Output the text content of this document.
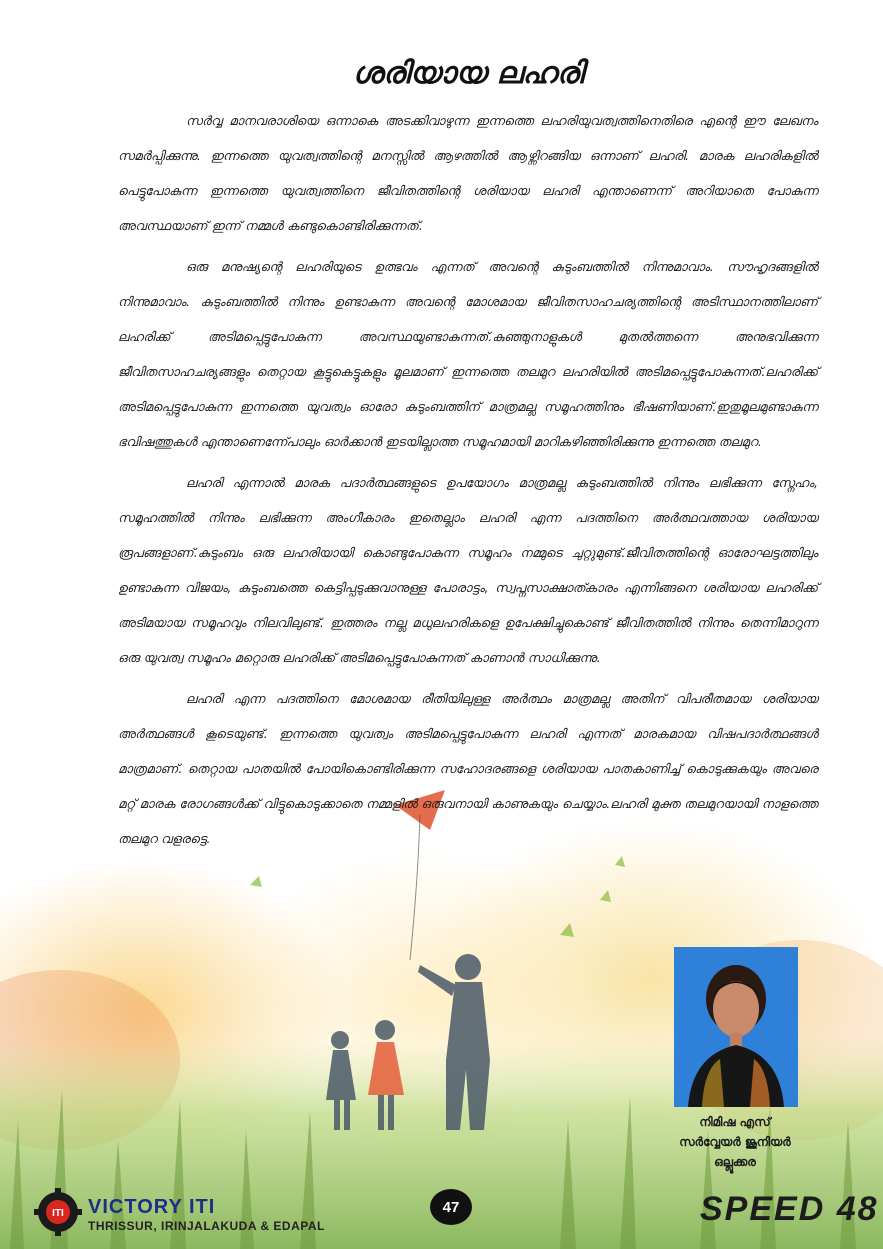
ശരിയായ ലഹരി

സർവ്വ മാനവരാശിയെ ഒന്നാകെ അടക്കിവാഴുന്ന ഇന്നത്തെ ലഹരിയുവത്വത്തിനെതിരെ എന്റെ ഈ ലേഖനം സമർപ്പിക്കുന്നു. ഇന്നത്തെ യുവത്വത്തിന്റെ മനസ്സിൽ ആഴത്തിൽ ആഴ്ന്നിറങ്ങിയ ഒന്നാണ് ലഹരി. മാരക ലഹരികളിൽ പെട്ടുപോകുന്ന ഇന്നത്തെ യുവത്വത്തിനെ ജീവിതത്തിന്റെ ശരിയായ ലഹരി എന്താണെന്ന് അറിയാതെ പോകുന്ന അവസ്ഥയാണ് ഇന്ന് നമ്മൾ കണ്ടുകൊണ്ടിരിക്കുന്നത്.

ഒരു മനുഷ്യന്റെ ലഹരിയുടെ ഉത്ഭവം എന്നത് അവന്റെ കുടുംബത്തിൽ നിന്നുമാവാം. സൗഹൃദങ്ങളിൽ നിന്നുമാവാം. കുടുംബത്തിൽ നിന്നും ഉണ്ടാകുന്ന അവന്റെ മോശമായ ജീവിതസാഹചര്യത്തിന്റെ അടിസ്ഥാനത്തിലാണ് ലഹരിക്ക് അടിമപ്പെട്ടുപോകുന്ന അവസ്ഥയുണ്ടാകുന്നത്.കുഞ്ഞുനാളുകൾ മുതൽത്തന്നെ അനുഭവിക്കുന്ന ജീവിതസാഹചര്യങ്ങളും തെറ്റായ കൂട്ടുകെട്ടുകളും മൂലമാണ് ഇന്നത്തെ തലമുറ ലഹരിയിൽ അടിമപ്പെട്ടുപോകുന്നത്.ലഹരിക്ക് അടിമപ്പെട്ടുപോകുന്ന ഇന്നത്തെ യുവത്വം ഓരോ കുടുംബത്തിന് മാത്രമല്ല സമൂഹത്തിനും ഭീഷണിയാണ്.ഇതുമൂലമുണ്ടാകുന്ന ഭവിഷത്തുകൾ എന്താണെന്ന്പോലും ഓർക്കാൻ ഇടയില്ലാത്ത സമൂഹമായി മാറികഴിഞ്ഞിരിക്കുന്നു ഇന്നത്തെ തലമുറ.

ലഹരി എന്നാൽ മാരക പദാർത്ഥങ്ങളുടെ ഉപയോഗം മാത്രമല്ല കുടുംബത്തിൽ നിന്നും ലഭിക്കുന്ന സ്നേഹം, സമൂഹത്തിൽ നിന്നും ലഭിക്കുന്ന അംഗീകാരം ഇതെല്ലാം ലഹരി എന്ന പദത്തിനെ അർത്ഥവത്തായ ശരിയായ രൂപങ്ങളാണ്.കുടുംബം ഒരു ലഹരിയായി കൊണ്ടുപോകുന്ന സമൂഹം നമ്മുടെ ചുറ്റുമുണ്ട്.ജീവിതത്തിന്റെ ഓരോഘട്ടത്തിലും ഉണ്ടാകുന്ന വിജയം, കുടുംബത്തെ കെട്ടിപ്പടുക്കുവാനുള്ള പോരാട്ടം, സ്വപ്നസാക്ഷാത്കാരം എന്നിങ്ങനെ ശരിയായ ലഹരിക്ക് അടിമയായ സമൂഹവും നിലവിലുണ്ട്. ഇത്തരം നല്ല മധുലഹരികളെ ഉപേക്ഷിച്ചുകൊണ്ട് ജീവിതത്തിൽ നിന്നും തെന്നിമാറുന്ന ഒരു യുവത്വ സമൂഹം മറ്റൊരു ലഹരിക്ക് അടിമപ്പെട്ടുപോകുന്നത് കാണാൻ സാധിക്കുന്നു.

ലഹരി എന്ന പദത്തിനെ മോശമായ രീതിയിലുള്ള അർത്ഥം മാത്രമല്ല അതിന് വിപരീതമായ ശരിയായ അർത്ഥങ്ങൾ കൂടെയുണ്ട്. ഇന്നത്തെ യുവത്വം അടിമപ്പെട്ടുപോകുന്ന ലഹരി എന്നത് മാരകമായ വിഷപദാർത്ഥങ്ങൾ മാത്രമാണ്. തെറ്റായ പാതയിൽ പോയികൊണ്ടിരിക്കുന്ന സഹോദരങ്ങളെ ശരിയായ പാതകാണിച്ച് കൊടുക്കുകയും അവരെ മറ്റ് മാരക രോഗങ്ങൾക്ക് വിട്ടുകൊടുക്കാതെ നമ്മളിൽ ഒരുവനായി കാണുകയും ചെയ്യാം.ലഹരി മുക്ത തലമുറയായി നാളത്തെ തലമുറ വളരട്ടെ.

നിമിഷ എസ്
സർവ്വേയർ ജൂനിയർ
ഒല്ലൂക്കര
ITI VICTORY ITI
THRISSUR, IRINJALAKUDA & EDAPAL
47	SPEED 48
